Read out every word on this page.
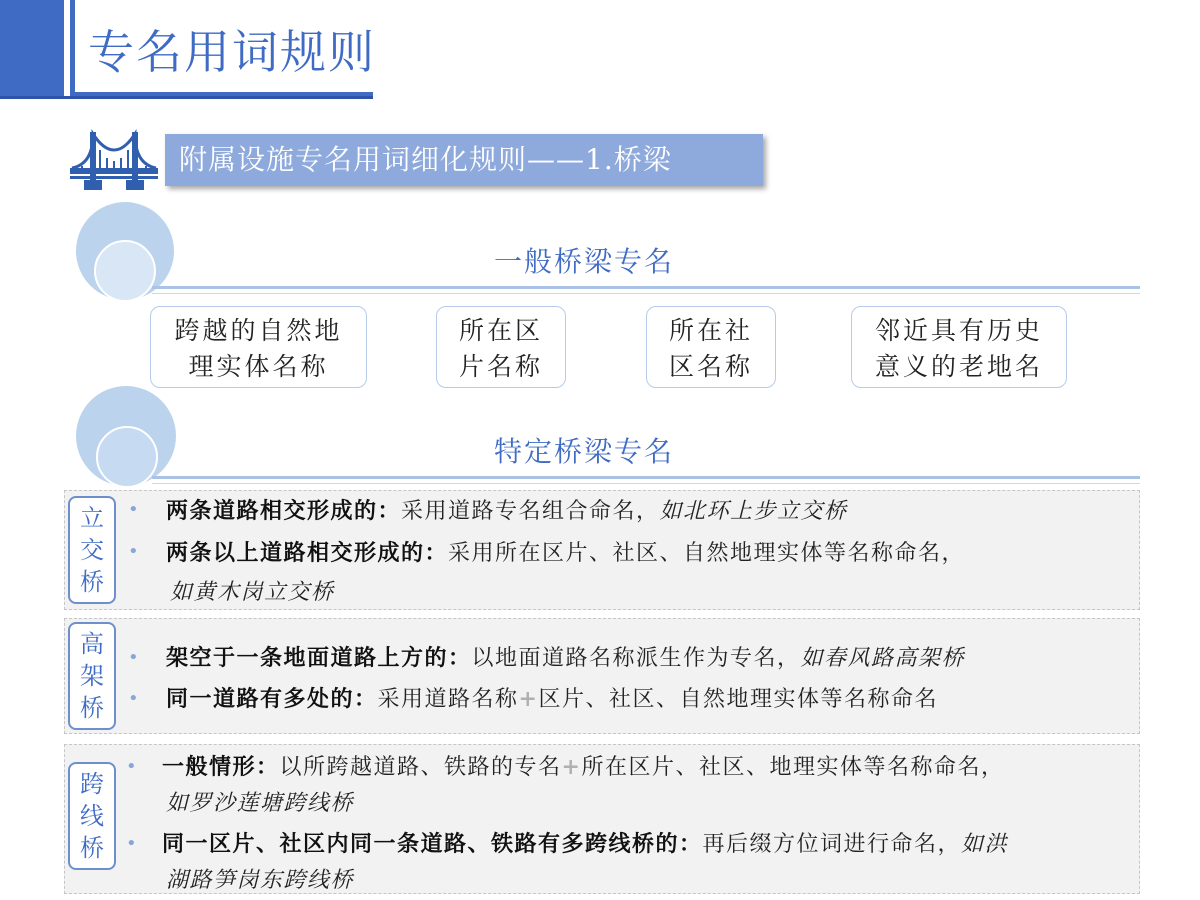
专名用词规则
附属设施专名用词细化规则——1.桥梁
一般桥梁专名
跨越的自然地
理实体名称
所在区
片名称
所在社
区名称
邻近具有历史
意义的老地名
特定桥梁专名
立
交
桥
• 两条道路相交形成的：采用道路专名组合命名，如北环上步立交桥
• 两条以上道路相交形成的：采用所在区片、社区、自然地理实体等名称命名，
如黄木岗立交桥
高
架
桥
• 架空于一条地面道路上方的：以地面道路名称派生作为专名，如春风路高架桥
• 同一道路有多处的：采用道路名称+区片、社区、自然地理实体等名称命名
跨
线
桥
• 一般情形：以所跨越道路、铁路的专名+所在区片、社区、地理实体等名称命名，
如罗沙莲塘跨线桥
• 同一区片、社区内同一条道路、铁路有多跨线桥的：再后缀方位词进行命名，如洪
湖路笋岗东跨线桥
